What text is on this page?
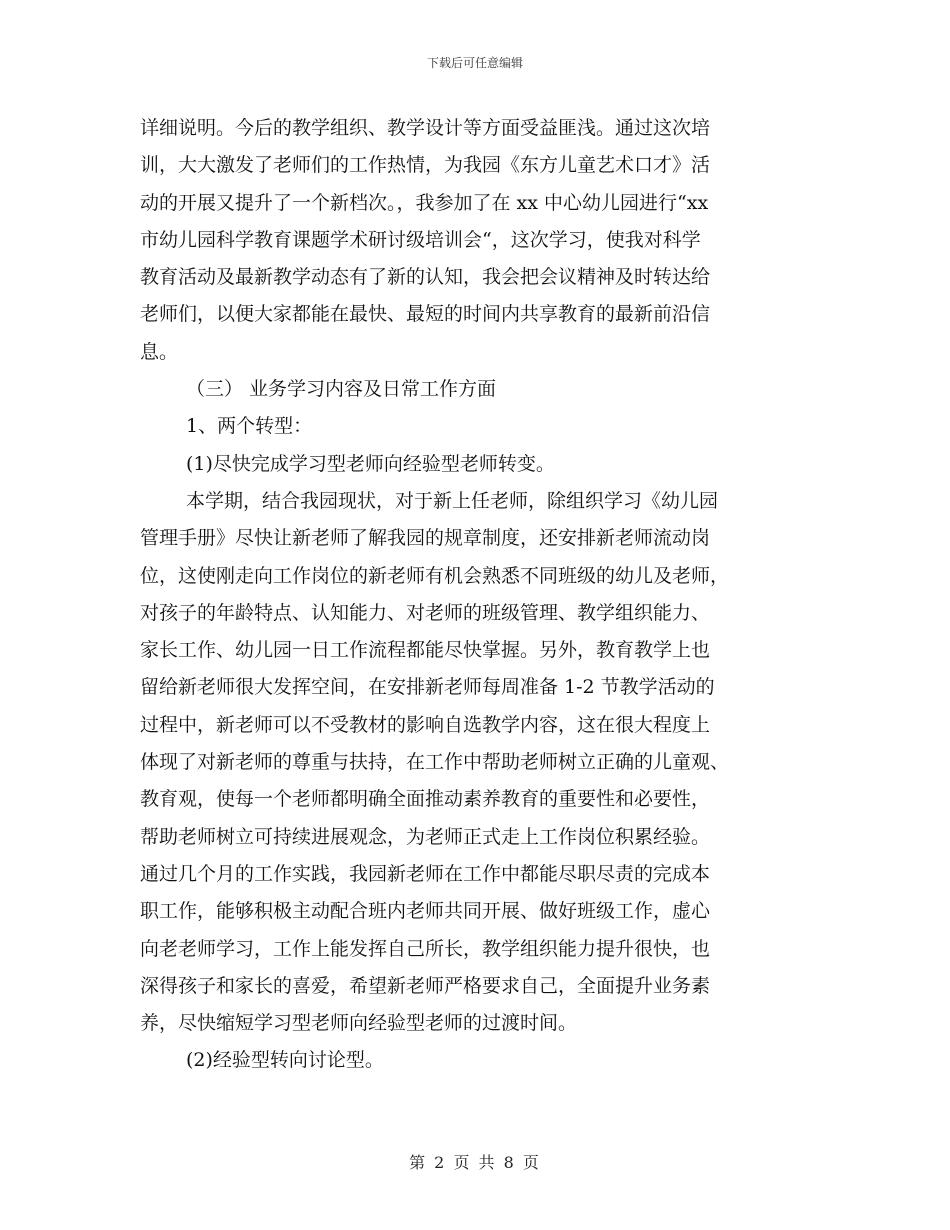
下载后可任意编辑
详细说明。今后的教学组织、教学设计等方面受益匪浅。通过这次培
训，大大激发了老师们的工作热情，为我园《东方儿童艺术口才》活
动的开展又提升了一个新档次。，我参加了在 xx 中心幼儿园进行“xx
市幼儿园科学教育课题学术研讨级培训会“，这次学习，使我对科学
教育活动及最新教学动态有了新的认知，我会把会议精神及时转达给
老师们，以便大家都能在最快、最短的时间内共享教育的最新前沿信
息。
（三） 业务学习内容及日常工作方面
1、两个转型：
(1)尽快完成学习型老师向经验型老师转变。
本学期，结合我园现状，对于新上任老师，除组织学习《幼儿园
管理手册》尽快让新老师了解我园的规章制度，还安排新老师流动岗
位，这使刚走向工作岗位的新老师有机会熟悉不同班级的幼儿及老师，
对孩子的年龄特点、认知能力、对老师的班级管理、教学组织能力、
家长工作、幼儿园一日工作流程都能尽快掌握。另外，教育教学上也
留给新老师很大发挥空间，在安排新老师每周准备 1-2 节教学活动的
过程中，新老师可以不受教材的影响自选教学内容，这在很大程度上
体现了对新老师的尊重与扶持，在工作中帮助老师树立正确的儿童观、
教育观，使每一个老师都明确全面推动素养教育的重要性和必要性，
帮助老师树立可持续进展观念，为老师正式走上工作岗位积累经验。
通过几个月的工作实践，我园新老师在工作中都能尽职尽责的完成本
职工作，能够积极主动配合班内老师共同开展、做好班级工作，虚心
向老老师学习，工作上能发挥自己所长，教学组织能力提升很快，也
深得孩子和家长的喜爱，希望新老师严格要求自己，全面提升业务素
养，尽快缩短学习型老师向经验型老师的过渡时间。
(2)经验型转向讨论型。
第 2 页 共 8 页
